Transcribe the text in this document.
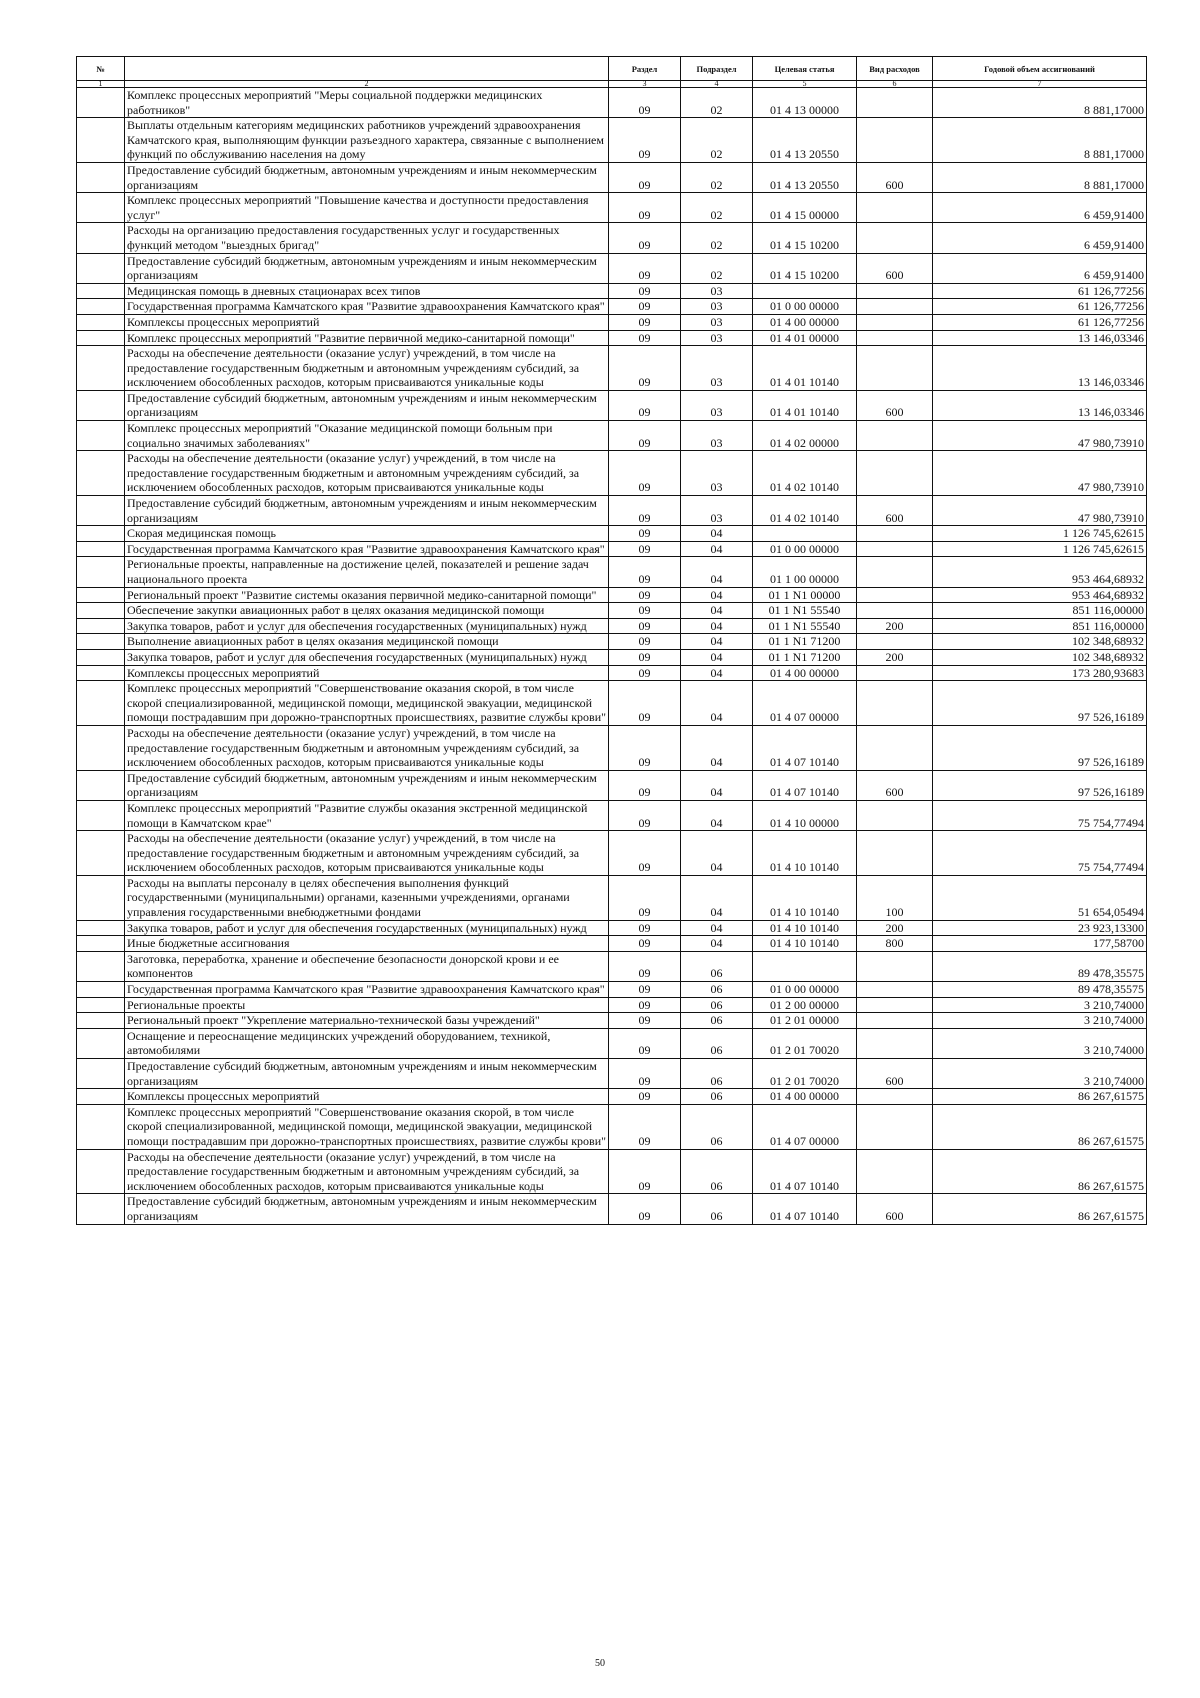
№		Раздел	Подраздел	Целевая статья	Вид расходов	Годовой объем ассигнований
1	2	3	4	5	6	7
	Комплекс процессных мероприятий "Меры социальной поддержки медицинских работников"	09	02	01 4 13 00000		8 881,17000
	Выплаты отдельным категориям медицинских работников учреждений здравоохранения Камчатского края, выполняющим функции разъездного характера, связанные с выполнением функций по обслуживанию населения на дому	09	02	01 4 13 20550		8 881,17000
	Предоставление субсидий бюджетным, автономным учреждениям и иным некоммерческим организациям	09	02	01 4 13 20550	600	8 881,17000
	Комплекс процессных мероприятий "Повышение качества и доступности предоставления услуг"	09	02	01 4 15 00000		6 459,91400
	Расходы на организацию предоставления государственных услуг и государственных функций методом "выездных бригад"	09	02	01 4 15 10200		6 459,91400
	Предоставление субсидий бюджетным, автономным учреждениям и иным некоммерческим организациям	09	02	01 4 15 10200	600	6 459,91400
	Медицинская помощь в дневных стационарах всех типов	09	03			61 126,77256
	Государственная программа Камчатского края "Развитие здравоохранения Камчатского края"	09	03	01 0 00 00000		61 126,77256
	Комплексы процессных мероприятий	09	03	01 4 00 00000		61 126,77256
	Комплекс процессных мероприятий "Развитие первичной медико-санитарной помощи"	09	03	01 4 01 00000		13 146,03346
	Расходы на обеспечение деятельности (оказание услуг) учреждений, в том числе на предоставление государственным бюджетным и автономным учреждениям субсидий, за исключением обособленных расходов, которым присваиваются уникальные коды	09	03	01 4 01 10140		13 146,03346
	Предоставление субсидий бюджетным, автономным учреждениям и иным некоммерческим организациям	09	03	01 4 01 10140	600	13 146,03346
	Комплекс процессных мероприятий "Оказание медицинской помощи больным при социально значимых заболеваниях"	09	03	01 4 02 00000		47 980,73910
	Расходы на обеспечение деятельности (оказание услуг) учреждений, в том числе на предоставление государственным бюджетным и автономным учреждениям субсидий, за исключением обособленных расходов, которым присваиваются уникальные коды	09	03	01 4 02 10140		47 980,73910
	Предоставление субсидий бюджетным, автономным учреждениям и иным некоммерческим организациям	09	03	01 4 02 10140	600	47 980,73910
	Скорая медицинская помощь	09	04			1 126 745,62615
	Государственная программа Камчатского края "Развитие здравоохранения Камчатского края"	09	04	01 0 00 00000		1 126 745,62615
	Региональные проекты, направленные на достижение целей, показателей и решение задач национального проекта	09	04	01 1 00 00000		953 464,68932
	Региональный проект "Развитие системы оказания первичной медико-санитарной помощи"	09	04	01 1 N1 00000		953 464,68932
	Обеспечение закупки авиационных работ в целях оказания медицинской помощи	09	04	01 1 N1 55540		851 116,00000
	Закупка товаров, работ и услуг для обеспечения государственных (муниципальных) нужд	09	04	01 1 N1 55540	200	851 116,00000
	Выполнение авиационных работ в целях оказания медицинской помощи	09	04	01 1 N1 71200		102 348,68932
	Закупка товаров, работ и услуг для обеспечения государственных (муниципальных) нужд	09	04	01 1 N1 71200	200	102 348,68932
	Комплексы процессных мероприятий	09	04	01 4 00 00000		173 280,93683
	Комплекс процессных мероприятий "Совершенствование оказания скорой, в том числе скорой специализированной, медицинской помощи, медицинской эвакуации, медицинской помощи пострадавшим при дорожно-транспортных происшествиях, развитие службы крови"	09	04	01 4 07 00000		97 526,16189
	Расходы на обеспечение деятельности (оказание услуг) учреждений, в том числе на предоставление государственным бюджетным и автономным учреждениям субсидий, за исключением обособленных расходов, которым присваиваются уникальные коды	09	04	01 4 07 10140		97 526,16189
	Предоставление субсидий бюджетным, автономным учреждениям и иным некоммерческим организациям	09	04	01 4 07 10140	600	97 526,16189
	Комплекс процессных мероприятий "Развитие службы оказания экстренной медицинской помощи в Камчатском крае"	09	04	01 4 10 00000		75 754,77494
	Расходы на обеспечение деятельности (оказание услуг) учреждений, в том числе на предоставление государственным бюджетным и автономным учреждениям субсидий, за исключением обособленных расходов, которым присваиваются уникальные коды	09	04	01 4 10 10140		75 754,77494
	Расходы на выплаты персоналу в целях обеспечения выполнения функций государственными (муниципальными) органами, казенными учреждениями, органами управления государственными внебюджетными фондами	09	04	01 4 10 10140	100	51 654,05494
	Закупка товаров, работ и услуг для обеспечения государственных (муниципальных) нужд	09	04	01 4 10 10140	200	23 923,13300
	Иные бюджетные ассигнования	09	04	01 4 10 10140	800	177,58700
	Заготовка, переработка, хранение и обеспечение безопасности донорской крови и ее компонентов	09	06			89 478,35575
	Государственная программа Камчатского края "Развитие здравоохранения Камчатского края"	09	06	01 0 00 00000		89 478,35575
	Региональные проекты	09	06	01 2 00 00000		3 210,74000
	Региональный проект "Укрепление материально-технической базы учреждений"	09	06	01 2 01 00000		3 210,74000
	Оснащение и переоснащение медицинских учреждений оборудованием, техникой, автомобилями	09	06	01 2 01 70020		3 210,74000
	Предоставление субсидий бюджетным, автономным учреждениям и иным некоммерческим организациям	09	06	01 2 01 70020	600	3 210,74000
	Комплексы процессных мероприятий	09	06	01 4 00 00000		86 267,61575
	Комплекс процессных мероприятий "Совершенствование оказания скорой, в том числе скорой специализированной, медицинской помощи, медицинской эвакуации, медицинской помощи пострадавшим при дорожно-транспортных происшествиях, развитие службы крови"	09	06	01 4 07 00000		86 267,61575
	Расходы на обеспечение деятельности (оказание услуг) учреждений, в том числе на предоставление государственным бюджетным и автономным учреждениям субсидий, за исключением обособленных расходов, которым присваиваются уникальные коды	09	06	01 4 07 10140		86 267,61575
	Предоставление субсидий бюджетным, автономным учреждениям и иным некоммерческим организациям	09	06	01 4 07 10140	600	86 267,61575
50
